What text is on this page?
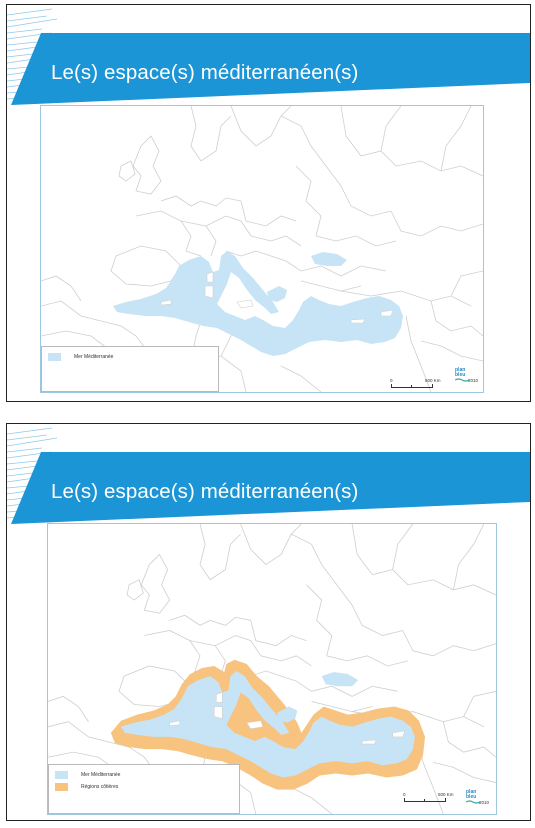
Le(s) espace(s) méditerranéen(s)
Mer Méditerranée
0	500 Km
plan
bleu
2010
Le(s) espace(s) méditerranéen(s)
Mer Méditerranée
Régions côtières
0	500 Km plan
bleu
2010
